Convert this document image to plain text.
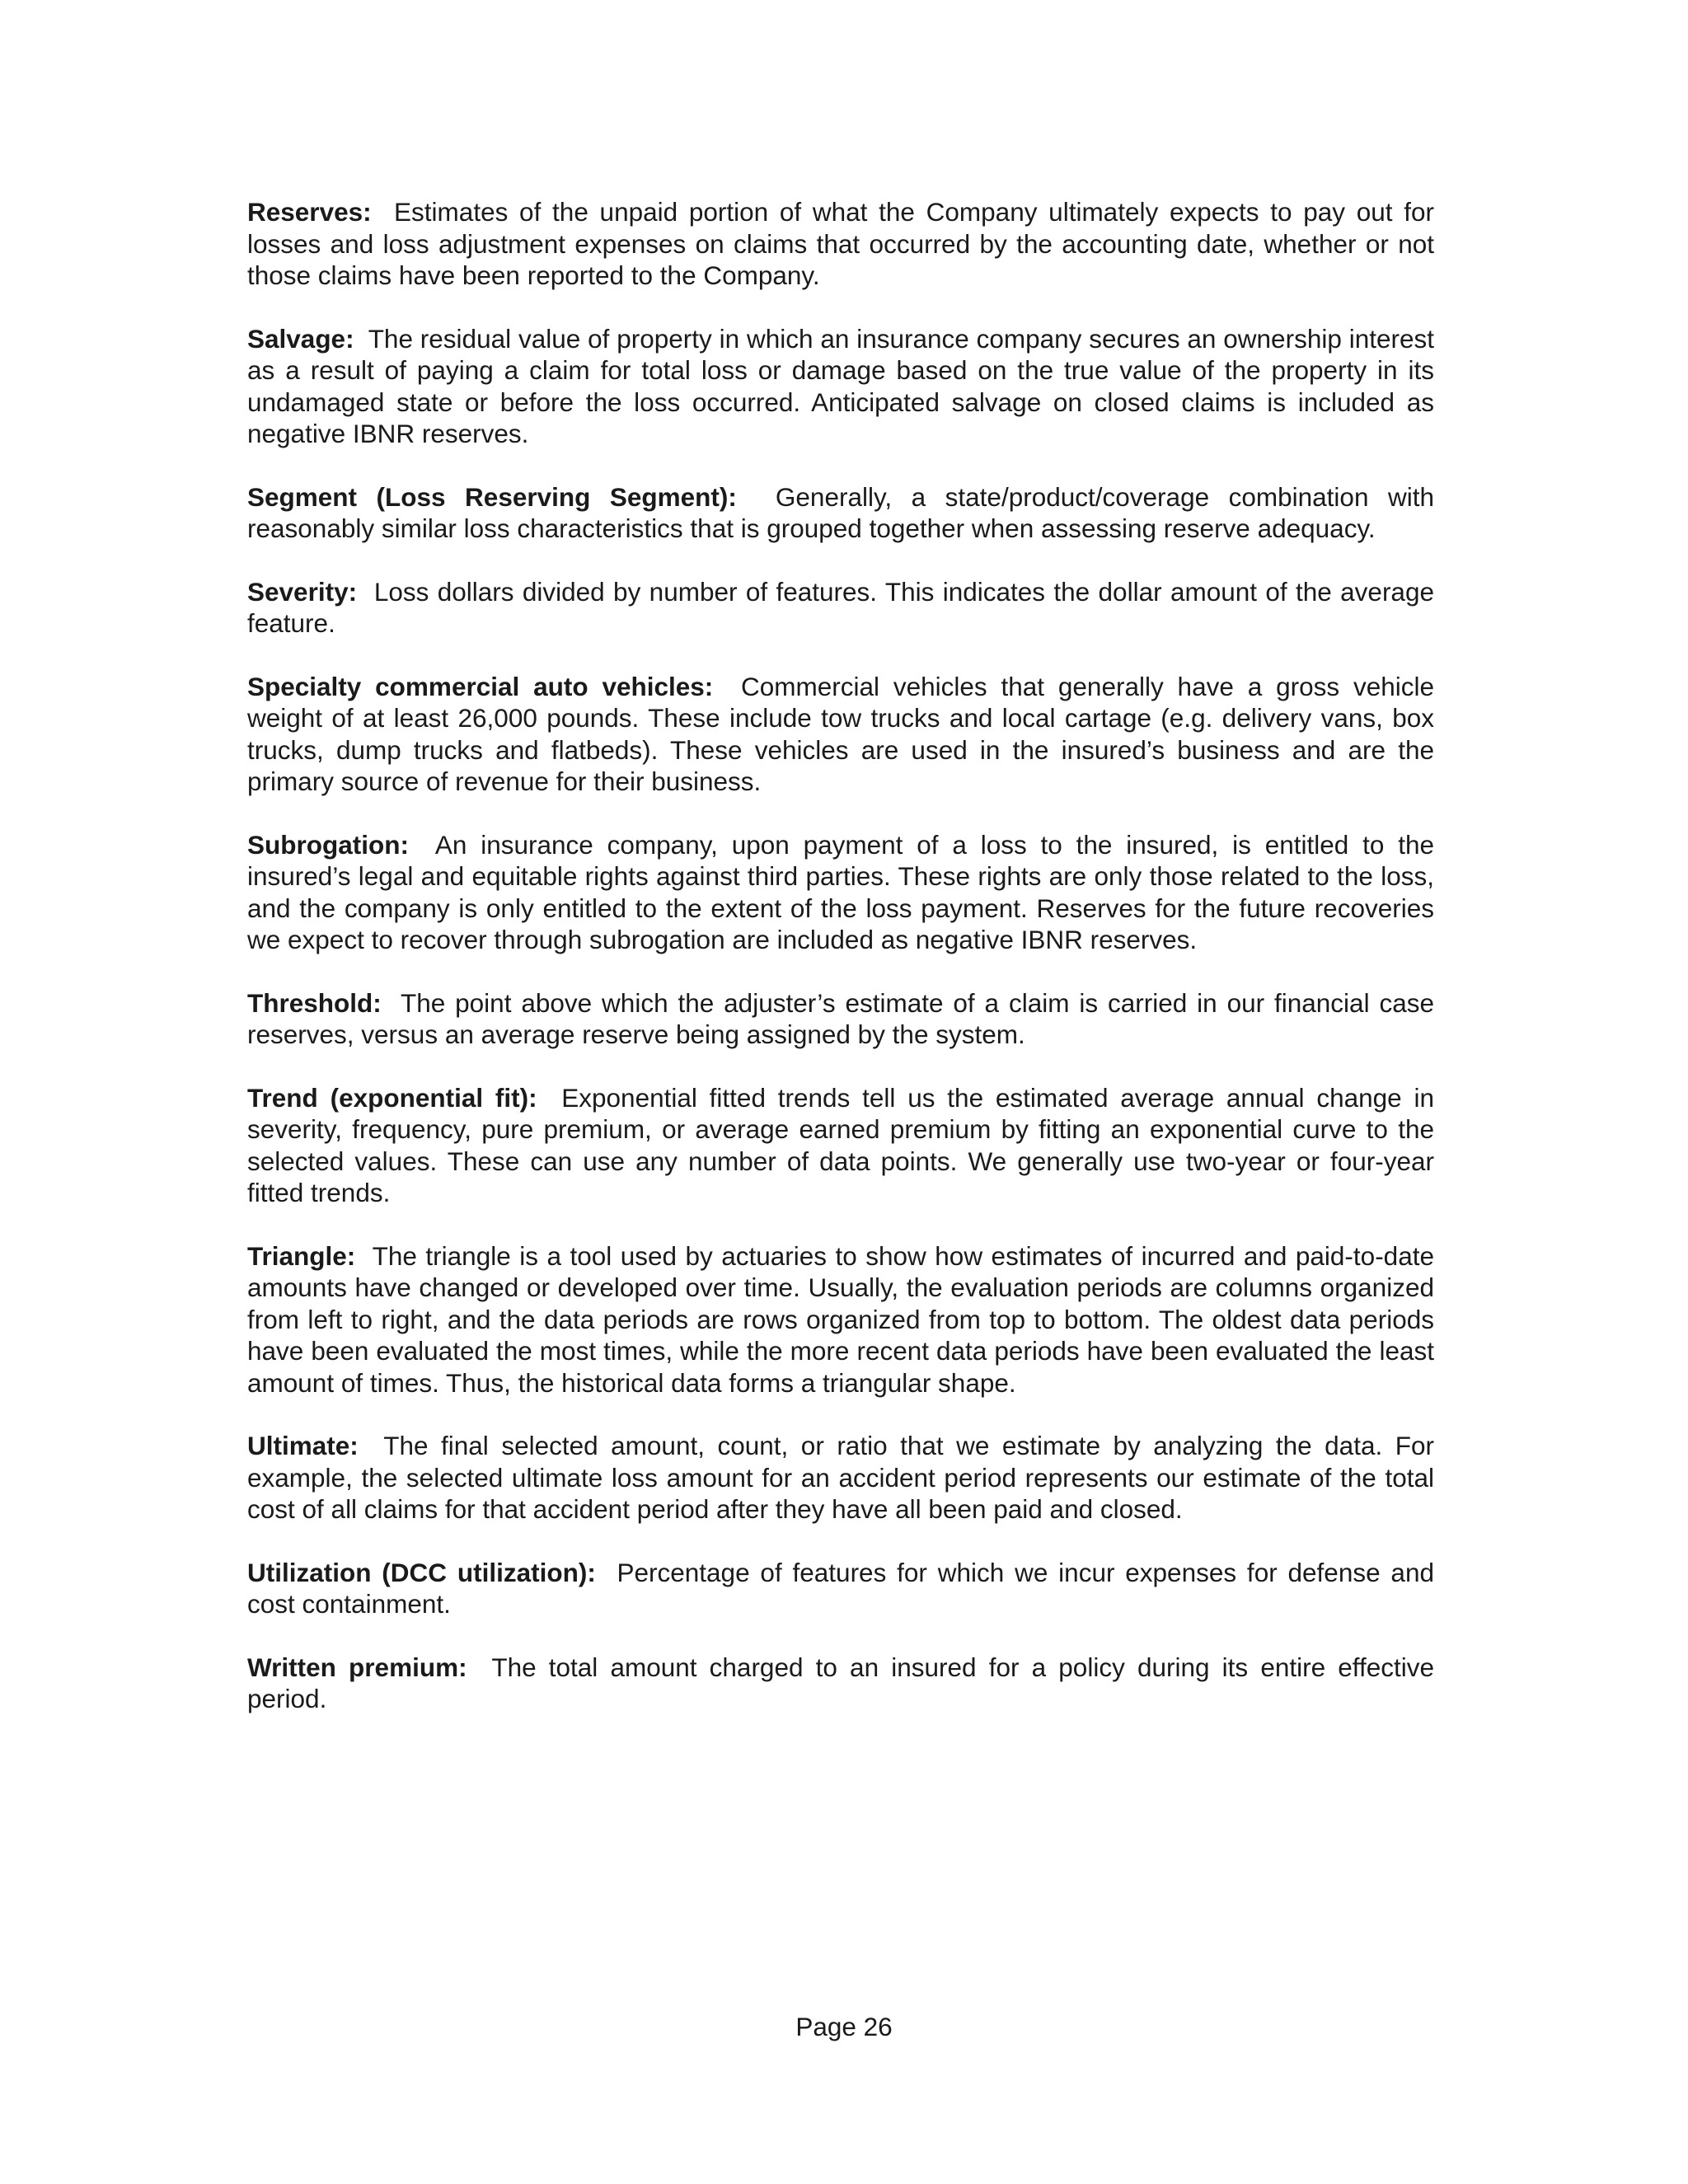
Reserves: Estimates of the unpaid portion of what the Company ultimately expects to pay out for losses and loss adjustment expenses on claims that occurred by the accounting date, whether or not those claims have been reported to the Company.

Salvage: The residual value of property in which an insurance company secures an ownership interest as a result of paying a claim for total loss or damage based on the true value of the property in its undamaged state or before the loss occurred. Anticipated salvage on closed claims is included as negative IBNR reserves.

Segment (Loss Reserving Segment): Generally, a state/product/coverage combination with reasonably similar loss characteristics that is grouped together when assessing reserve adequacy.

Severity: Loss dollars divided by number of features. This indicates the dollar amount of the average feature.

Specialty commercial auto vehicles: Commercial vehicles that generally have a gross vehicle weight of at least 26,000 pounds. These include tow trucks and local cartage (e.g. delivery vans, box trucks, dump trucks and flatbeds). These vehicles are used in the insured’s business and are the primary source of revenue for their business.

Subrogation: An insurance company, upon payment of a loss to the insured, is entitled to the insured’s legal and equitable rights against third parties. These rights are only those related to the loss, and the company is only entitled to the extent of the loss payment. Reserves for the future recoveries we expect to recover through subrogation are included as negative IBNR reserves.

Threshold: The point above which the adjuster’s estimate of a claim is carried in our financial case reserves, versus an average reserve being assigned by the system.

Trend (exponential fit): Exponential fitted trends tell us the estimated average annual change in severity, frequency, pure premium, or average earned premium by fitting an exponential curve to the selected values. These can use any number of data points. We generally use two-year or four-year fitted trends.

Triangle: The triangle is a tool used by actuaries to show how estimates of incurred and paid-to-date amounts have changed or developed over time. Usually, the evaluation periods are columns organized from left to right, and the data periods are rows organized from top to bottom. The oldest data periods have been evaluated the most times, while the more recent data periods have been evaluated the least amount of times. Thus, the historical data forms a triangular shape.

Ultimate: The final selected amount, count, or ratio that we estimate by analyzing the data. For example, the selected ultimate loss amount for an accident period represents our estimate of the total cost of all claims for that accident period after they have all been paid and closed.

Utilization (DCC utilization): Percentage of features for which we incur expenses for defense and cost containment.

Written premium: The total amount charged to an insured for a policy during its entire effective period.

Page 26
